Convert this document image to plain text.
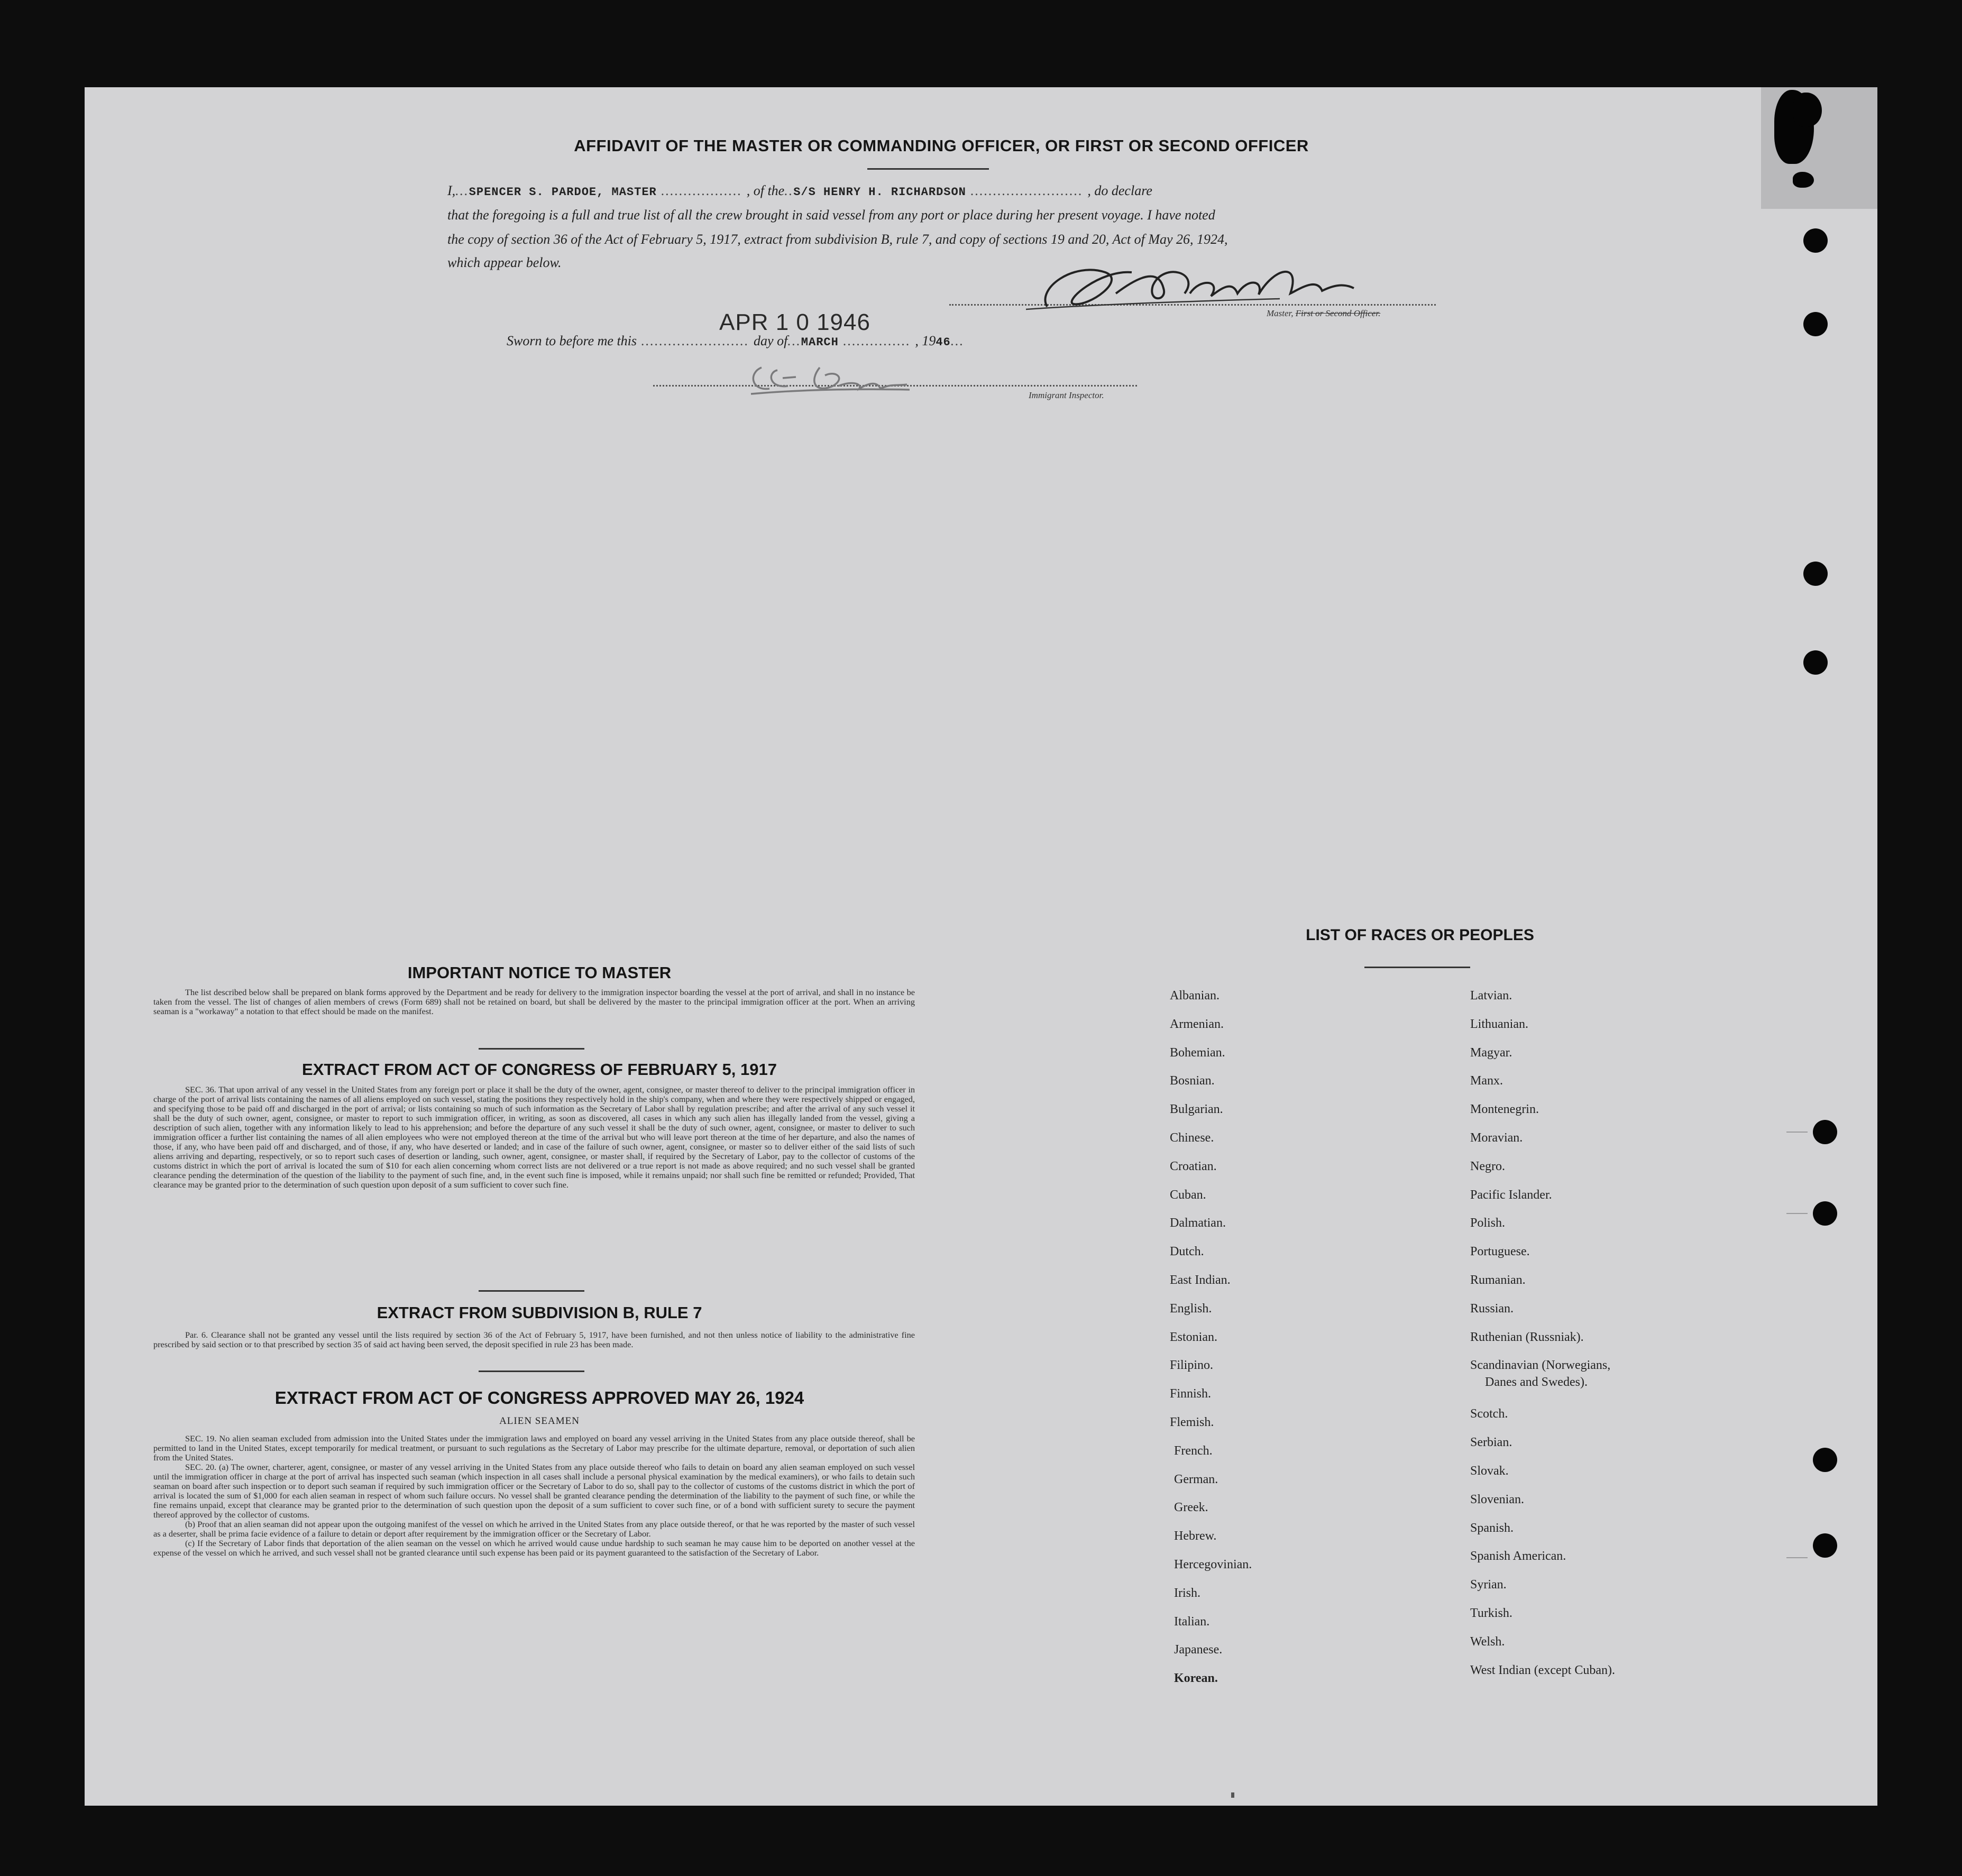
AFFIDAVIT OF THE MASTER OR COMMANDING OFFICER, OR FIRST OR SECOND OFFICER
I,...SPENCER S. PARDOE, MASTER .................. , of the..S/S HENRY H. RICHARDSON ......................... , do declare
that the foregoing is a full and true list of all the crew brought in said vessel from any port or place during her present voyage. I have noted
the copy of section 36 of the Act of February 5, 1917, extract from subdivision B, rule 7, and copy of sections 19 and 20, Act of May 26, 1924,
which appear below.
Master, First or Second Officer.
APR 1 0 1946
Sworn to before me this ........................ day of...MARCH ............... , 1946...
Immigrant Inspector.
IMPORTANT NOTICE TO MASTER

The list described below shall be prepared on blank forms approved by the Department and be ready for delivery to the immigration inspector boarding the vessel at the port of arrival, and shall in no instance be taken from the vessel. The list of changes of alien members of crews (Form 689) shall not be retained on board, but shall be delivered by the master to the principal immigration officer at the port. When an arriving seaman is a "workaway" a notation to that effect should be made on the manifest.

EXTRACT FROM ACT OF CONGRESS OF FEBRUARY 5, 1917

SEC. 36. That upon arrival of any vessel in the United States from any foreign port or place it shall be the duty of the owner, agent, consignee, or master thereof to deliver to the principal immigration officer in charge of the port of arrival lists containing the names of all aliens employed on such vessel, stating the positions they respectively hold in the ship's company, when and where they were respectively shipped or engaged, and specifying those to be paid off and discharged in the port of arrival; or lists containing so much of such information as the Secretary of Labor shall by regulation prescribe; and after the arrival of any such vessel it shall be the duty of such owner, agent, consignee, or master to report to such immigration officer, in writing, as soon as discovered, all cases in which any such alien has illegally landed from the vessel, giving a description of such alien, together with any information likely to lead to his apprehension; and before the departure of any such vessel it shall be the duty of such owner, agent, consignee, or master to deliver to such immigration officer a further list containing the names of all alien employees who were not employed thereon at the time of the arrival but who will leave port thereon at the time of her departure, and also the names of those, if any, who have been paid off and discharged, and of those, if any, who have deserted or landed; and in case of the failure of such owner, agent, consignee, or master so to deliver either of the said lists of such aliens arriving and departing, respectively, or so to report such cases of desertion or landing, such owner, agent, consignee, or master shall, if required by the Secretary of Labor, pay to the collector of customs of the customs district in which the port of arrival is located the sum of $10 for each alien concerning whom correct lists are not delivered or a true report is not made as above required; and no such vessel shall be granted clearance pending the determination of the question of the liability to the payment of such fine, and, in the event such fine is imposed, while it remains unpaid; nor shall such fine be remitted or refunded; Provided, That clearance may be granted prior to the determination of such question upon deposit of a sum sufficient to cover such fine.

EXTRACT FROM SUBDIVISION B, RULE 7

Par. 6. Clearance shall not be granted any vessel until the lists required by section 36 of the Act of February 5, 1917, have been furnished, and not then unless notice of liability to the administrative fine prescribed by said section or to that prescribed by section 35 of said act having been served, the deposit specified in rule 23 has been made.

EXTRACT FROM ACT OF CONGRESS APPROVED MAY 26, 1924
ALIEN SEAMEN

SEC. 19. No alien seaman excluded from admission into the United States under the immigration laws and employed on board any vessel arriving in the United States from any place outside thereof, shall be permitted to land in the United States, except temporarily for medical treatment, or pursuant to such regulations as the Secretary of Labor may prescribe for the ultimate departure, removal, or deportation of such alien from the United States.

SEC. 20. (a) The owner, charterer, agent, consignee, or master of any vessel arriving in the United States from any place outside thereof who fails to detain on board any alien seaman employed on such vessel until the immigration officer in charge at the port of arrival has inspected such seaman (which inspection in all cases shall include a personal physical examination by the medical examiners), or who fails to detain such seaman on board after such inspection or to deport such seaman if required by such immigration officer or the Secretary of Labor to do so, shall pay to the collector of customs of the customs district in which the port of arrival is located the sum of $1,000 for each alien seaman in respect of whom such failure occurs. No vessel shall be granted clearance pending the determination of the liability to the payment of such fine, or while the fine remains unpaid, except that clearance may be granted prior to the determination of such question upon the deposit of a sum sufficient to cover such fine, or of a bond with sufficient surety to secure the payment thereof approved by the collector of customs.

(b) Proof that an alien seaman did not appear upon the outgoing manifest of the vessel on which he arrived in the United States from any place outside thereof, or that he was reported by the master of such vessel as a deserter, shall be prima facie evidence of a failure to detain or deport after requirement by the immigration officer or the Secretary of Labor.

(c) If the Secretary of Labor finds that deportation of the alien seaman on the vessel on which he arrived would cause undue hardship to such seaman he may cause him to be deported on another vessel at the expense of the vessel on which he arrived, and such vessel shall not be granted clearance until such expense has been paid or its payment guaranteed to the satisfaction of the Secretary of Labor.

LIST OF RACES OR PEOPLES
Albanian.
Armenian.
Bohemian.
Bosnian.
Bulgarian.
Chinese.
Croatian.
Cuban.
Dalmatian.
Dutch.
East Indian.
English.
Estonian.
Filipino.
Finnish.
Flemish.
French.
German.
Greek.
Hebrew.
Hercegovinian.
Irish.
Italian.
Japanese.
Korean.
Latvian.
Lithuanian.
Magyar.
Manx.
Montenegrin.
Moravian.
Negro.
Pacific Islander.
Polish.
Portuguese.
Rumanian.
Russian.
Ruthenian (Russniak).
Scandinavian (Norwegians,
Danes and Swedes).
Scotch.
Serbian.
Slovak.
Slovenian.
Spanish.
Spanish American.
Syrian.
Turkish.
Welsh.
West Indian (except Cuban).
